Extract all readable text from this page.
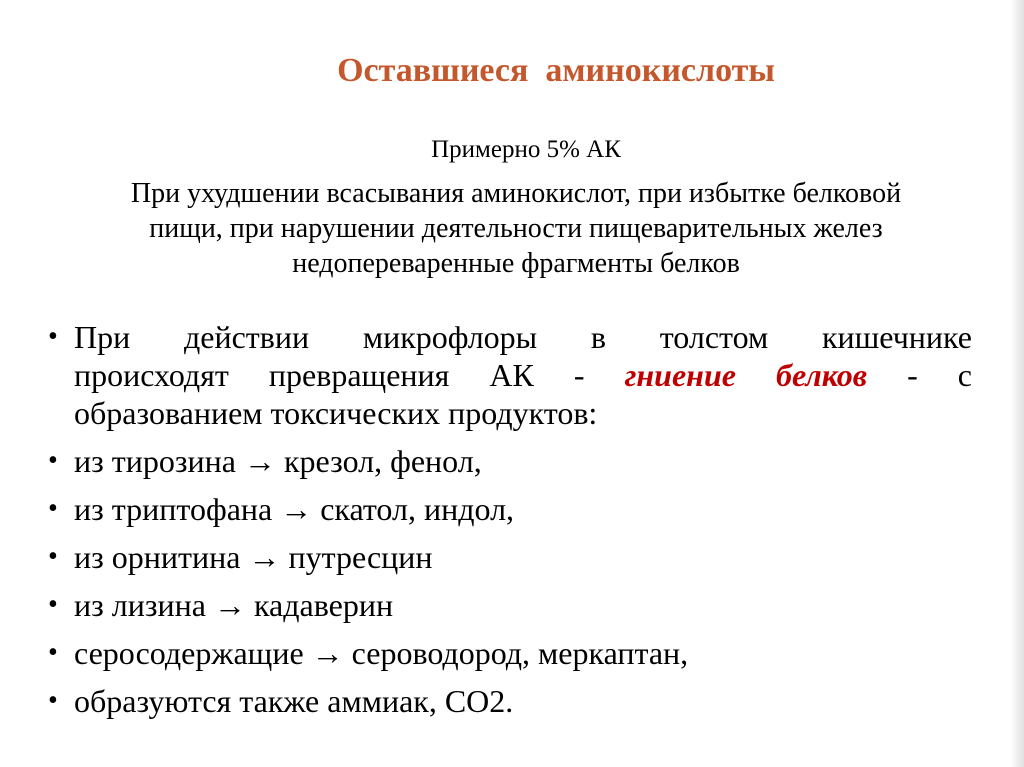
Оставшиеся  аминокислоты
Примерно 5% АК
При ухудшении всасывания аминокислот, при избытке белковой пищи, при нарушении деятельности пищеварительных желез недопереваренные фрагменты белков
• При действии микрофлоры в толстом кишечнике
происходят превращения АК - гниение белков - с
образованием токсических продуктов:
• из тирозина → крезол, фенол,
• из триптофана → скатол, индол,
• из орнитина → путресцин
• из лизина → кадаверин
• серосодержащие → сероводород, меркаптан,
• образуются также аммиак, СО2.
